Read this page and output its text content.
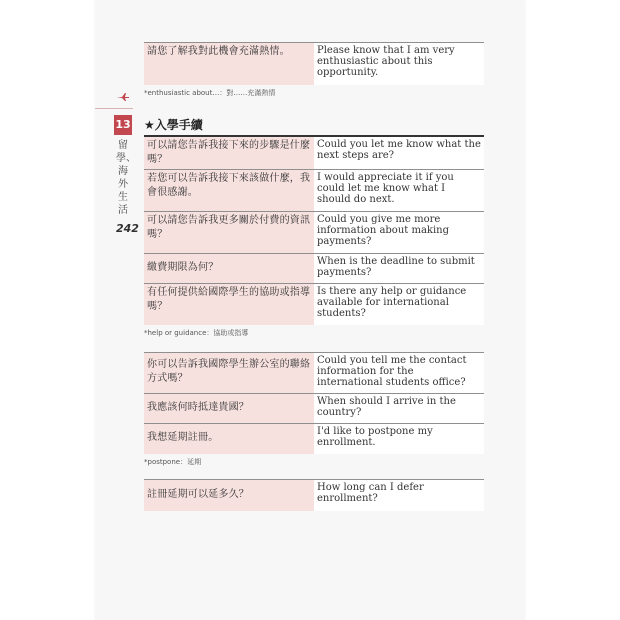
13
留學、海外生活
242
請您了解我對此機會充滿熱情。	Please know that I am very enthusiastic about this opportunity.
*enthusiastic about…：對……充滿熱情
★入學手續
可以請您告訴我接下來的步驟是什麼嗎？	Could you let me know what the next steps are?
若您可以告訴我接下來該做什麼，我會很感謝。	I would appreciate it if you could let me know what I should do next.
可以請您告訴我更多關於付費的資訊嗎？	Could you give me more information about making payments?
繳費期限為何？	When is the deadline to submit payments?
有任何提供給國際學生的協助或指導嗎？	Is there any help or guidance available for international students?
*help or guidance：協助或指導
你可以告訴我國際學生辦公室的聯絡方式嗎？	Could you tell me the contact information for the international students office?
我應該何時抵達貴國？	When should I arrive in the country?
我想延期註冊。	I'd like to postpone my enrollment.
*postpone：延期
註冊延期可以延多久？	How long can I defer enrollment?
